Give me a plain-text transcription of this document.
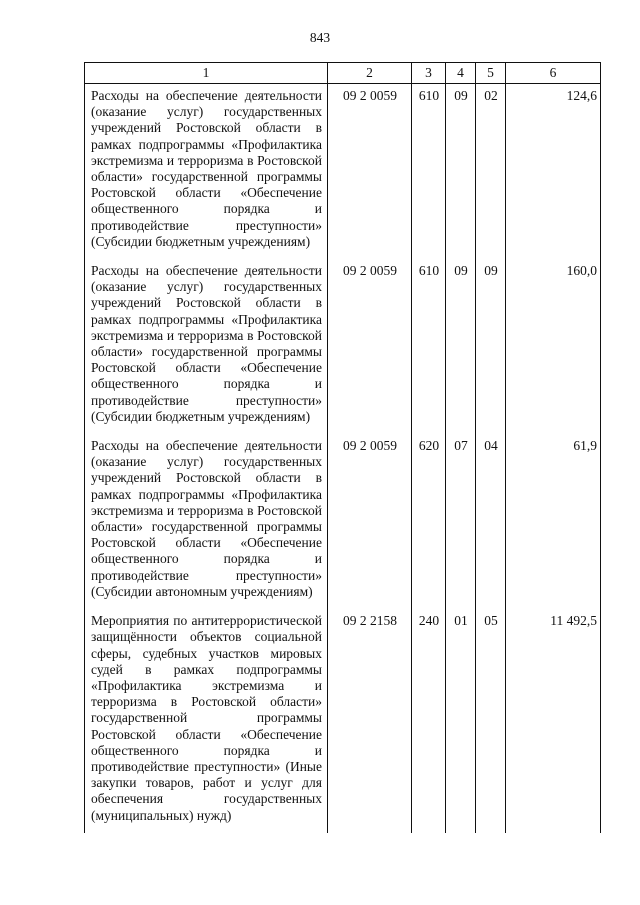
843
1	2	3	4	5	6
Расходы на обеспечение деятельности (оказание услуг) государственных учреждений Ростовской области в рамках подпрограммы «Профилактика экстремизма и терроризма в Ростовской области» государственной программы Ростовской области «Обеспечение общественного порядка и противодействие преступности» (Субсидии бюджетным учреждениям)	09 2 0059	610	09	02	124,6
Расходы на обеспечение деятельности (оказание услуг) государственных учреждений Ростовской области в рамках подпрограммы «Профилактика экстремизма и терроризма в Ростовской области» государственной программы Ростовской области «Обеспечение общественного порядка и противодействие преступности» (Субсидии бюджетным учреждениям)	09 2 0059	610	09	09	160,0
Расходы на обеспечение деятельности (оказание услуг) государственных учреждений Ростовской области в рамках подпрограммы «Профилактика экстремизма и терроризма в Ростовской области» государственной программы Ростовской области «Обеспечение общественного порядка и противодействие преступности» (Субсидии автономным учреждениям)	09 2 0059	620	07	04	61,9
Мероприятия по антитеррористической защищённости объектов социальной сферы, судебных участков мировых судей в рамках подпрограммы «Профилактика экстремизма и терроризма в Ростовской области» государственной программы Ростовской области «Обеспечение общественного порядка и противодействие преступности» (Иные закупки товаров, работ и услуг для обеспечения государственных (муниципальных) нужд)	09 2 2158	240	01	05	11 492,5
